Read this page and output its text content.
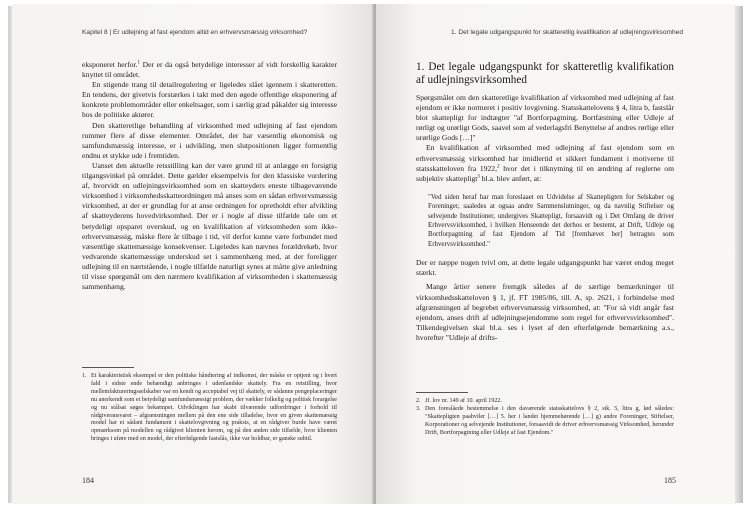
Kapitel 8 | Er udlejning af fast ejendom altid en erhvervsmæssig virksomhed?

eksponeret herfor.$^1$ Der er da også betydelige interesser af vidt forskellig karakter knyttet til området.

En stigende trang til detailregulering er ligeledes slået igennem i skatteretten. En tendens, der givetvis forstærkes i takt med den øgede offentlige eksponering af konkrete problemområder eller enkeltsager, som i særlig grad påkalder sig interesse hos de politiske aktører.

Den skatteretlige behandling af virksomhed med udlejning af fast ejendom rummer flere af disse elementer. Området, der har væsentlig økonomisk og samfundsmæssig interesse, er i udvikling, men slutpositionen ligger formentlig endnu et stykke ude i fremtiden.

Uanset den aktuelle retsstilling kan der være grund til at anlægge en forsigtig tilgangsvinkel på området. Dette gælder eksempelvis for den klassiske vurdering af, hvorvidt en udlejningsvirksomhed som en skatteyders eneste tilbageværende virksomhed i virksomhedsskatteordningen må anses som en sådan erhvervsmæssig virksomhed, at der er grundlag for at anse ordningen for opretholdt efter afvikling af skatteyderens hovedvirksomhed. Der er i nogle af disse tilfælde tale om et betydeligt opsparet overskud, og en kvalifikation af virksomheden som ikke-erhvervsmæssig, måske flere år tilbage i tid, vil derfor kunne være forbundet med væsentlige skattemæssige konsekvenser. Ligeledes kan nævnes forældrekøb, hvor vedvarende skattemæssige underskud set i sammenhæng med, at der foreligger udlejning til en nærtstående, i nogle tilfælde naturligt synes at måtte give anledning til visse spørgsmål om den nærmere kvalifikation af virksomheden i skattemæssig sammenhæng.

1. Et karakteristisk eksempel er den politiske håndtering af indkomst, der måske er optjent og i hvert fald i sidste ende behændigt anbringes i udenlandske skattely. Fra en retstilling, hvor mellemfaktureringsselskaber var en kendt og acceptabel vej til skattely, er sådanne pengeplaceringer nu anerkendt som et betydeligt samfundsmæssigt problem, der vækker folkelig og politisk forargelse og nu stålsat søges bekæmpet. Udviklingen har skabt tilværende udfordringer i forhold til rådgiveransvaret – afgrænsningen mellem på den ene side tilladelse, hvor en given skattemæssig model har et sådant fundament i skattelovgivning og praksis, at en rådgiver burde have været opmærksom på modellen og rådgivet klienten herom, og på den anden side tilfælde, hvor klienten bringes i uføre med en model, der efterfølgende fastslås, ikke var holdbar, er ganske subtil.
184
1. Det legale udgangspunkt for skatteretlig kvalifikation af udlejningsvirksomhed
1. Det legale udgangspunkt for skatteretlig kvalifikation af udlejningsvirksomhed

Spørgsmålet om den skatteretlige kvalifikation af virksomhed med udlejning af fast ejendom er ikke normeret i positiv lovgivning. Statsskattelovens § 4, litra b, fastslår blot skattepligt for indtægter "af Bortforpagtning, Bortfæstning eller Udleje af rørligt og urørligt Gods, saavel som af vederlagsfri Benyttelse af andres rørlige eller urørlige Gods […]"

En kvalifikation af virksomhed med udlejning af fast ejendom som en erhvervsmæssig virksomhed har imidlertid et sikkert fundament i motiverne til statsskatteloven fra 1922,$^2$ hvor det i tilknytning til en ændring af reglerne om subjektiv skattepligt$^3$ bl.a. blev anført, at:

"Ved siden heraf har man foreslaaet en Udvidelse af Skattepligten for Selskaber og Foreninger, saaledes at ogsaa andre Sammenslutninger, og da navnlig Stiftelser og selvejende Institutioner, undergives Skattepligt, forsaavidt og i Det Omfang de driver Erhvervsvirksomhed, i hvilken Henseende det derhos er bestemt, at Drift, Udleje og Bortforpagtning af fast Ejendom af Tid [fremhævet her] betragtes som Erhvervsvirksomhed."

Der er næppe nogen tvivl om, at dette legale udgangspunkt har været endog meget stærkt.

Mange årtier senere fremgik således af de særlige bemærkninger til virksomhedsskatteloven § 1, jf. FT 1985/86, till. A, sp. 2621, i forbindelse med afgrænsningen af begrebet erhvervsmæssig virksomhed, at: "For så vidt angår fast ejendom, anses drift af udlejningsejendomme som regel for erhvervsvirksomhed". Tilkendegivelsen skal bl.a. ses i lyset af den efterfølgende bemærkning a.s., hvorefter "Udleje af drifts-

2. Jf. lov nr. 149 af 10. april 1922.
3. Den foreslåede bestemmelse i den daværende statsskattelovs § 2, stk. 5, litra g, lød således: "Skattepligten paahviler […] 5. her i landet hjemmehørende […] g) andre Foreninger, Stiftelser, Korporationer og selvejende Institutioner, forsaavidt de driver erhvervsmæssig Virksomhed, herunder Drift, Bortforpagtning eller Udleje af fast Ejendom."
185
